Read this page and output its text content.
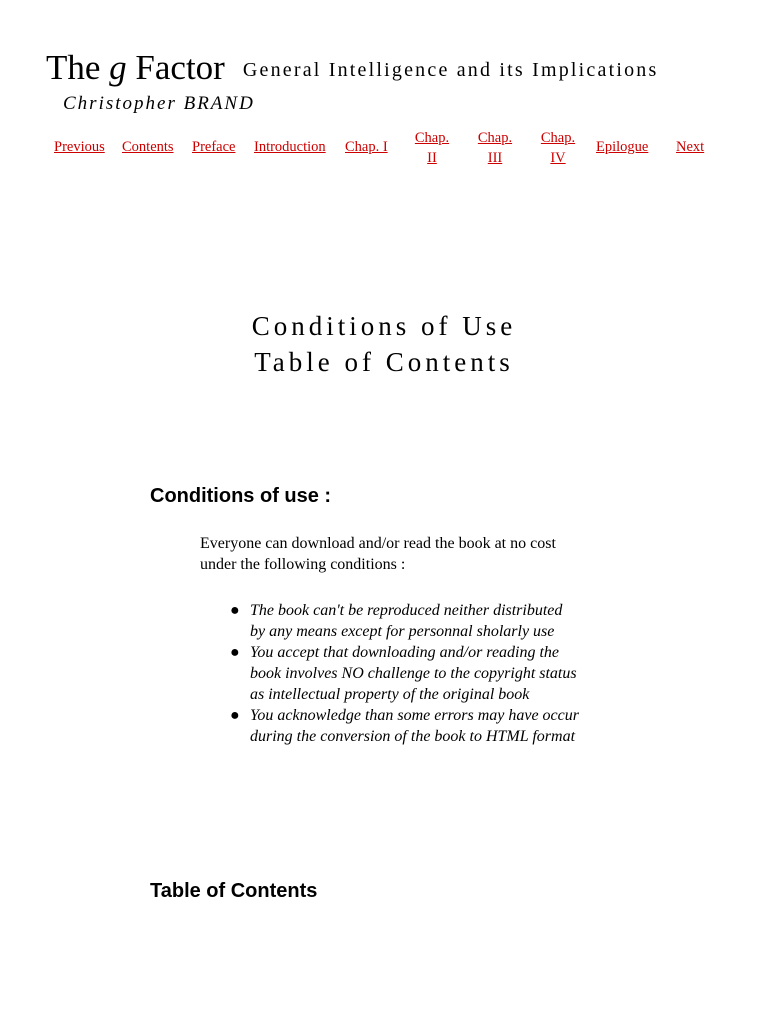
The g Factor General Intelligence and its Implications
Christopher BRAND
Previous Contents Preface Introduction Chap. I
Chap.
II
Chap.
III
Chap.
IV
Epilogue Next
Conditions of Use
Table of Contents
Conditions of use :
Everyone can download and/or read the book at no cost under the following conditions :
● The book can't be reproduced neither distributed by any means except for personnal sholarly use
● You accept that downloading and/or reading the book involves NO challenge to the copyright status as intellectual property of the original book
● You acknowledge than some errors may have occur during the conversion of the book to HTML format
Table of Contents
